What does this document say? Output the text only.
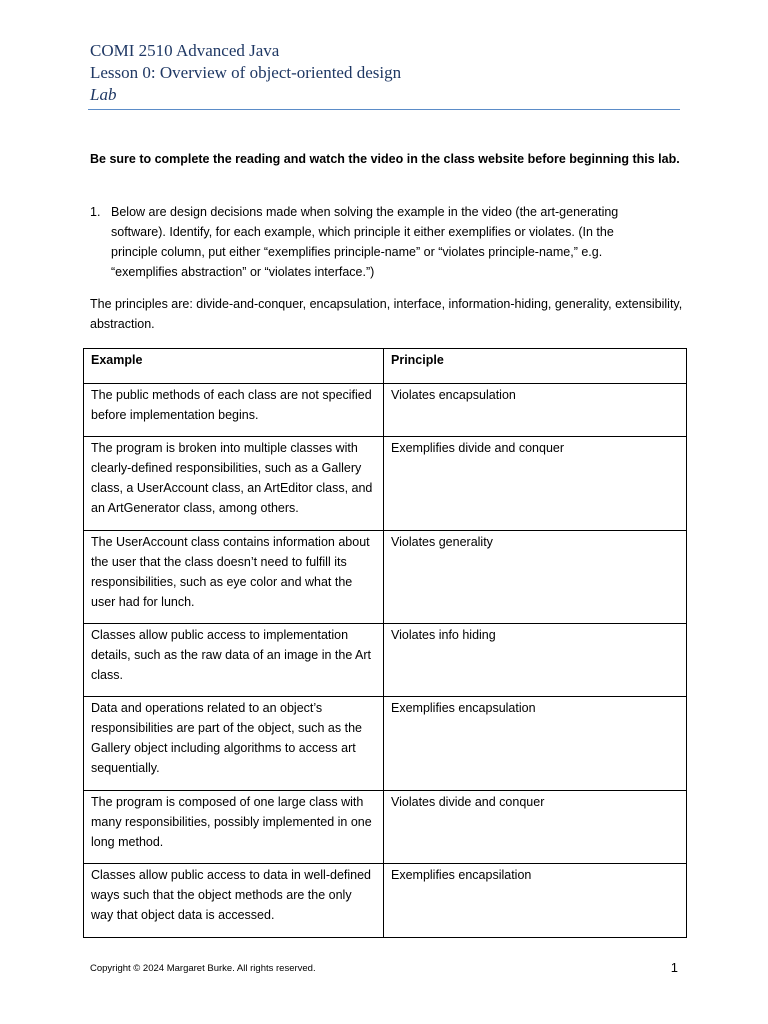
COMI 2510 Advanced Java
Lesson 0: Overview of object-oriented design
Lab
Be sure to complete the reading and watch the video in the class website before beginning this lab.
1. Below are design decisions made when solving the example in the video (the art-generating software). Identify, for each example, which principle it either exemplifies or violates. (In the principle column, put either “exemplifies principle-name” or “violates principle-name,” e.g. “exemplifies abstraction” or “violates interface.”)
The principles are: divide-and-conquer, encapsulation, interface, information-hiding, generality, extensibility, abstraction.
Example	Principle
The public methods of each class are not specified before implementation begins.	Violates encapsulation
The program is broken into multiple classes with clearly-defined responsibilities, such as a Gallery class, a UserAccount class, an ArtEditor class, and an ArtGenerator class, among others.	Exemplifies divide and conquer
The UserAccount class contains information about the user that the class doesn’t need to fulfill its responsibilities, such as eye color and what the user had for lunch.	Violates generality
Classes allow public access to implementation details, such as the raw data of an image in the Art class.	Violates info hiding
Data and operations related to an object’s responsibilities are part of the object, such as the Gallery object including algorithms to access art sequentially.	Exemplifies encapsulation
The program is composed of one large class with many responsibilities, possibly implemented in one long method.	Violates divide and conquer
Classes allow public access to data in well-defined ways such that the object methods are the only way that object data is accessed.	Exemplifies encapsilation
Copyright © 2024 Margaret Burke. All rights reserved.	1
